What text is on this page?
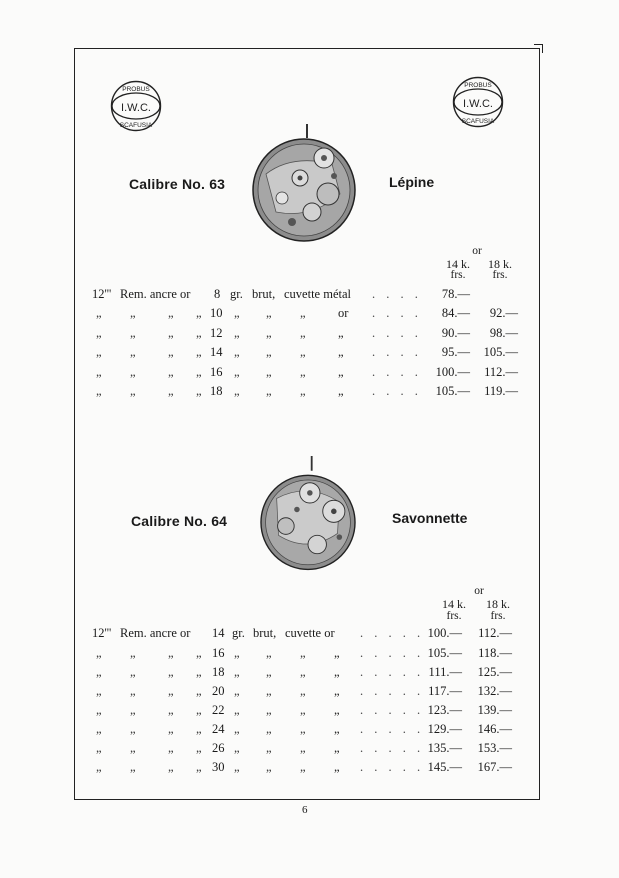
I.W.C.
PROBUS
SCAFUSIA
I.W.C.
PROBUS
SCAFUSIA
Calibre No. 63	Lépine
or
14 k.	18 k.
frs.	frs.
12''' Rem. ancre or 8 gr. brut, cuvette métal . . . .	78.—
„ „	„ „ 10 „ „ „	or . . . .	84.—	92.—
„ „	„ „ 12 „ „ „	„ . . . .	90.—	98.—
„ „	„ „ 14 „ „ „	„ . . . .	95.—	105.—
„ „	„ „ 16 „ „ „	„ . . . .	100.—	112.—
„ „	„ „ 18 „ „ „	„ . . . .	105.—	119.—
Calibre No. 64	Savonnette
or
14 k.	18 k.
frs.	frs.
12''' Rem. ancre or 14 gr. brut, cuvette or . . . . . 100.—	112.—
„ „	„ „ 16 „ „ „ „ . . . . . 105.—	118.—
„ „	„ „ 18 „ „ „ „ . . . . . 111.—	125.—
„ „	„ „ 20 „ „ „ „ . . . . . 117.—	132.—
„ „	„ „ 22 „ „ „ „ . . . . . 123.—	139.—
„ „	„ „ 24 „ „ „ „ . . . . . 129.—	146.—
„ „	„ „ 26 „ „ „ „ . . . . . 135.—	153.—
„ „	„ „ 30 „ „ „ „ . . . . . 145.—	167.—
6
